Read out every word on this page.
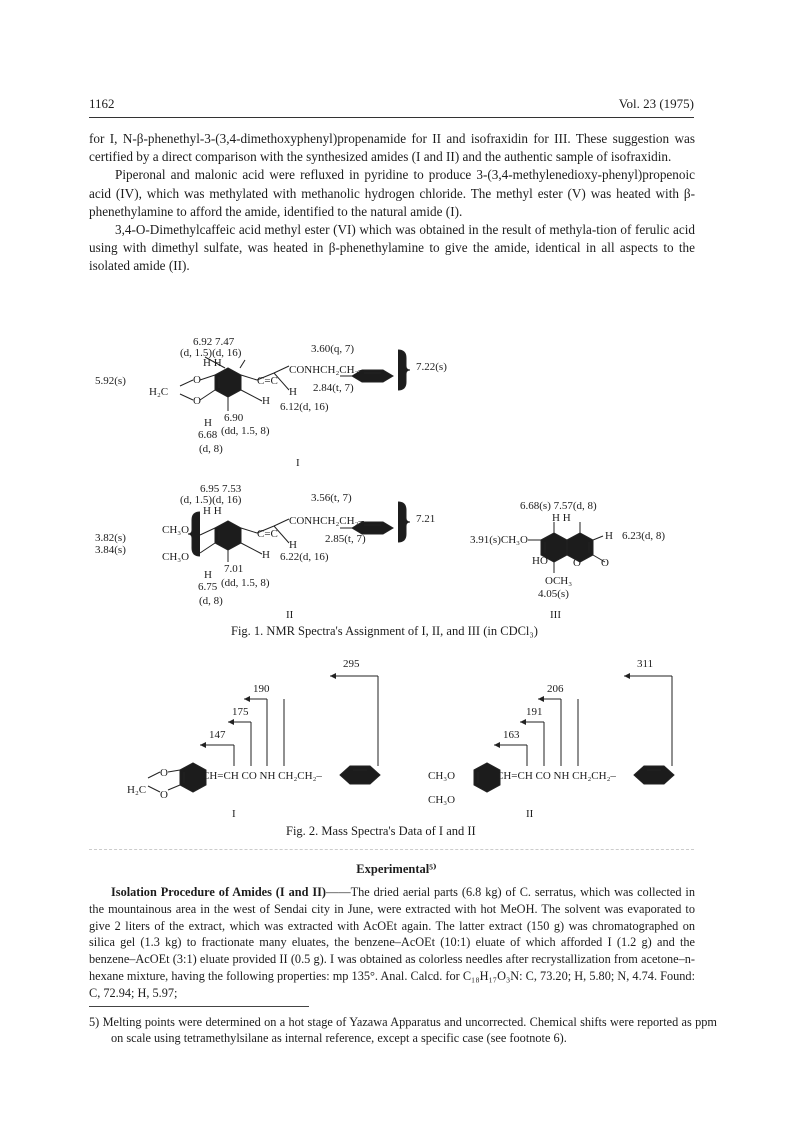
1162	Vol. 23 (1975)

for I, N-β-phenethyl-3-(3,4-dimethoxyphenyl)propenamide for II and isofraxidin for III. These suggestion was certified by a direct comparison with the synthesized amides (I and II) and the authentic sample of isofraxidin.

Piperonal and malonic acid were refluxed in pyridine to produce 3-(3,4-methylenedioxy-phenyl)propenoic acid (IV), which was methylated with methanolic hydrogen chloride. The methyl ester (V) was heated with β-phenethylamine to afford the amide, identified to the natural amide (I).

3,4-O-Dimethylcaffeic acid methyl ester (VI) which was obtained in the result of methyla-tion of ferulic acid using with dimethyl sulfate, was heated in β-phenethylamine to give the amide, identical in all aspects to the isolated amide (II).

6.92 7.47
(d, 1.5)(d, 16)
H H
3.60(q, 7)
CONHCH₂CH₂–	7.22(s)
2.84(t, 7)
5.92(s)
H₂C
O
O
C=C
H
H 6.12(d, 16)
6.90
H
6.68 (dd, 1.5, 8)
(d, 8)
I
6.95 7.53
(d, 1.5)(d, 16)
H H
3.56(t, 7)
CONHCH₂CH₂–	7.21
2.85(t, 7)
3.82(s)
3.84(s)
CH₃O
CH₃O
C=C
H
H 6.22(d, 16)
7.01
H
6.75 (dd, 1.5, 8)
(d, 8)
II
6.68(s) 7.57(d, 8)
H H
3.91(s)CH₃O	H 6.23(d, 8)
HO O O
OCH₃
4.05(s)
III
295
190
175
147
CH=CH CO NH CH₂CH₂–
H₂C
O
O
I
311
206
191
163
CH=CH CO NH CH₂CH₂–
CH₃O
CH₃O
II
Fig. 1. NMR Spectra's Assignment of I, II, and III (in CDCl₃)
Fig. 2. Mass Spectra's Data of I and II
Experimental⁵⁾

Isolation Procedure of Amides (I and II)——The dried aerial parts (6.8 kg) of C. serratus, which was collected in the mountainous area in the west of Sendai city in June, were extracted with hot MeOH. The solvent was evaporated to give 2 liters of the extract, which was extracted with AcOEt again. The latter extract (150 g) was chromatographed on silica gel (1.3 kg) to fractionate many eluates, the benzene–AcOEt (10:1) eluate of which afforded I (1.2 g) and the benzene–AcOEt (3:1) eluate provided II (0.5 g). I was obtained as colorless needles after recrystallization from acetone–n-hexane mixture, having the following properties: mp 135°. Anal. Calcd. for C₁₈H₁₇O₃N: C, 73.20; H, 5.80; N, 4.74. Found: C, 72.94; H, 5.97;

5) Melting points were determined on a hot stage of Yazawa Apparatus and uncorrected. Chemical shifts were reported as ppm on scale using tetramethylsilane as internal reference, except a specific case (see footnote 6).
